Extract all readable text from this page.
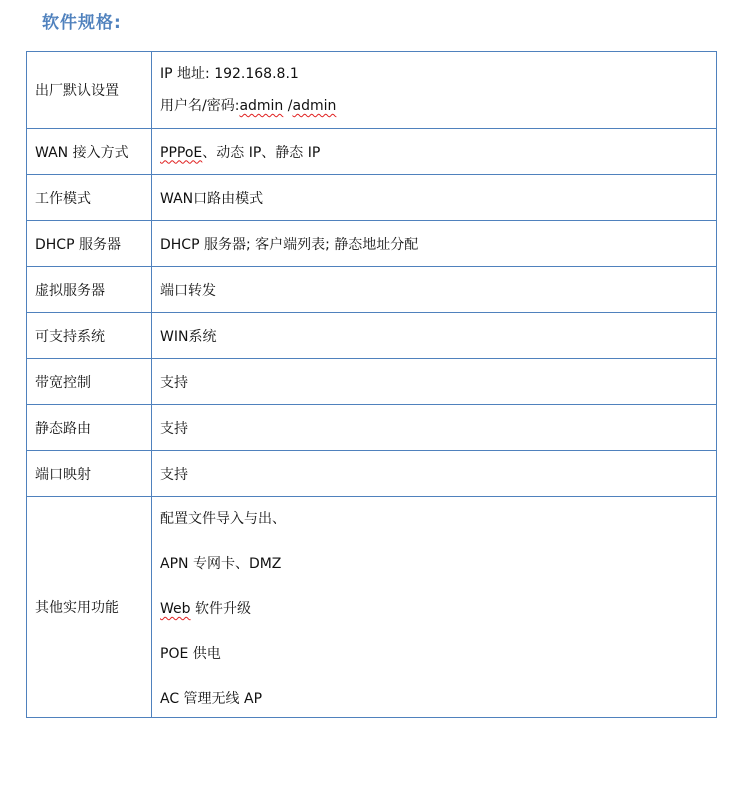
软件规格:
出厂默认设置	IP 地址: 192.168.8.1
用户名/密码:admin /admin

WAN 接入方式	PPPoE、动态 IP、静态 IP
工作模式	WAN口路由模式
DHCP 服务器	DHCP 服务器; 客户端列表; 静态地址分配
虚拟服务器	端口转发
可支持系统	WIN系统
带宽控制	支持
静态路由	支持
端口映射	支持
其他实用功能	配置文件导入与出、
APN 专网卡、DMZ
Web 软件升级
POE 供电
AC 管理无线 AP
